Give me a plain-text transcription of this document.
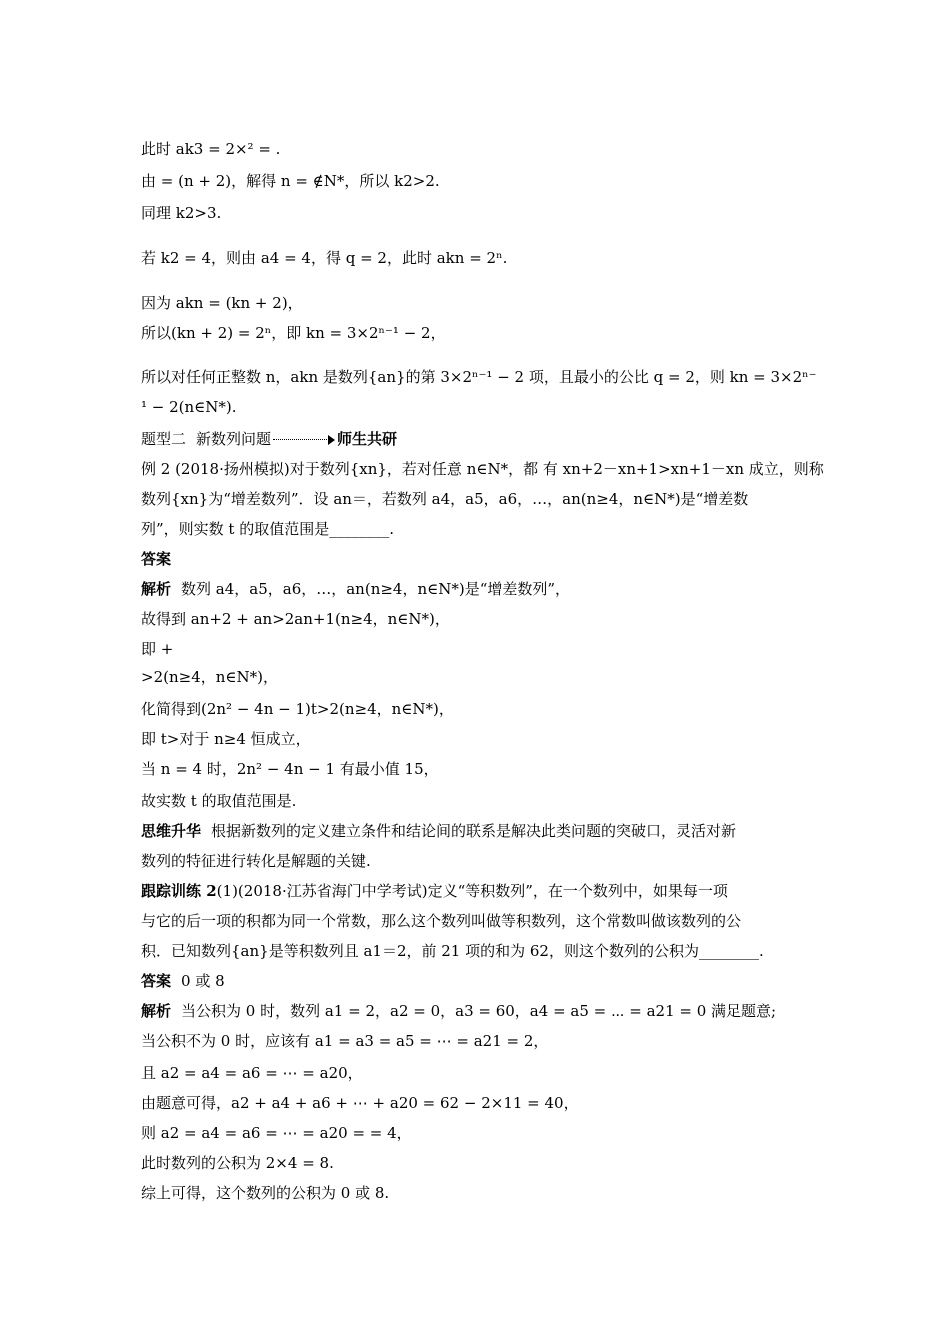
此时 ak3 = 2×² = .
由 = (n + 2)，解得 n = ∉N*，所以 k2>2.
同理 k2>3.
若 k2 = 4，则由 a4 = 4，得 q = 2，此时 akn = 2ⁿ.
因为 akn = (kn + 2)，
所以(kn + 2) = 2ⁿ，即 kn = 3×2ⁿ⁻¹ − 2，
所以对任何正整数 n，akn 是数列{an}的第 3×2ⁿ⁻¹ − 2 项，且最小的公比 q = 2，则 kn = 3×2ⁿ⁻
¹ − 2(n∈N*).
题型二 新数列问题	师生共研
例 2 (2018·扬州模拟)对于数列{xn}，若对任意 n∈N*，都 有 xn+2－xn+1>xn+1－xn 成立，则称
数列{xn}为“增差数列”．设 an＝，若数列 a4，a5，a6，…，an(n≥4，n∈N*)是“增差数
列”，则实数 t 的取值范围是________.
答案
解析 数列 a4，a5，a6，…，an(n≥4，n∈N*)是“增差数列”，
故得到 an+2 + an>2an+1(n≥4，n∈N*)，
即 +
>2(n≥4，n∈N*)，
化简得到(2n² − 4n − 1)t>2(n≥4，n∈N*)，
即 t>对于 n≥4 恒成立，
当 n = 4 时，2n² − 4n − 1 有最小值 15，
故实数 t 的取值范围是.
思维升华 根据新数列的定义建立条件和结论间的联系是解决此类问题的突破口，灵活对新
数列的特征进行转化是解题的关键.
跟踪训练 2(1)(2018·江苏省海门中学考试)定义“等积数列”，在一个数列中，如果每一项
与它的后一项的积都为同一个常数，那么这个数列叫做等积数列，这个常数叫做该数列的公
积．已知数列{an}是等积数列且 a1＝2，前 21 项的和为 62，则这个数列的公积为________.
答案 0 或 8
解析 当公积为 0 时，数列 a1 = 2，a2 = 0，a3 = 60，a4 = a5 = ⋯ = a21 = 0 满足题意;
当公积不为 0 时，应该有 a1 = a3 = a5 = ⋯ = a21 = 2，
且 a2 = a4 = a6 = ⋯ = a20，
由题意可得，a2 + a4 + a6 + ⋯ + a20 = 62 − 2×11 = 40，
则 a2 = a4 = a6 = ⋯ = a20 = = 4，
此时数列的公积为 2×4 = 8.
综上可得，这个数列的公积为 0 或 8.
